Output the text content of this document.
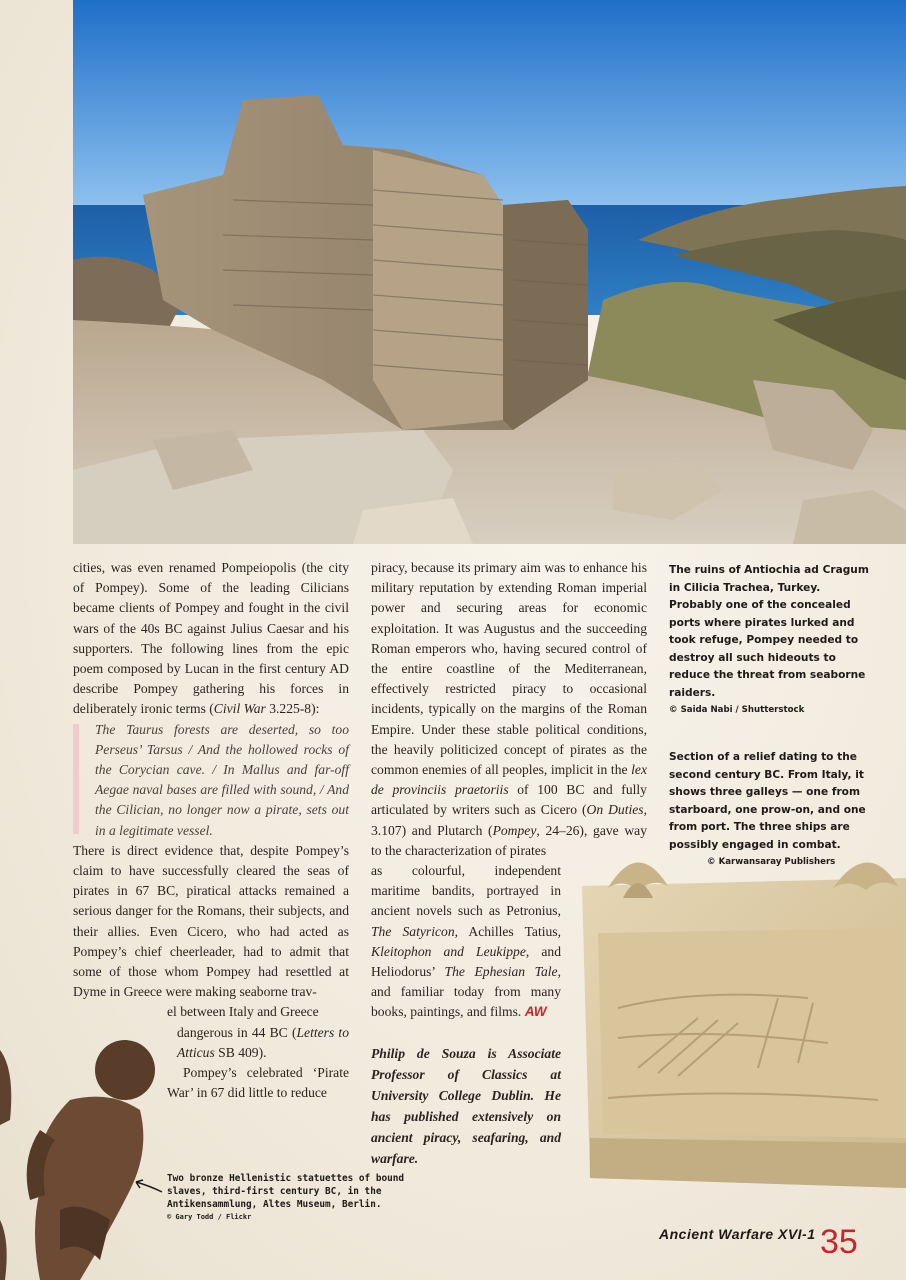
cities, was even renamed Pompeiopolis (the city of Pompey). Some of the leading Cilicians became clients of Pompey and fought in the civil wars of the 40s BC against Julius Caesar and his supporters. The following lines from the epic poem composed by Lucan in the first century AD describe Pompey gathering his forces in deliberately ironic terms (Civil War 3.225-8):

The Taurus forests are deserted, so too Perseus’ Tarsus / And the hollowed rocks of the Corycian cave. / In Mallus and far-off Aegae naval bases are filled with sound, / And the Cilician, no longer now a pirate, sets out in a legitimate vessel.

There is direct evidence that, despite Pompey’s claim to have successfully cleared the seas of pirates in 67 BC, piratical attacks remained a serious danger for the Romans, their subjects, and their allies. Even Cicero, who had acted as Pompey’s chief cheerleader, had to admit that some of those whom Pompey had resettled at Dyme in Greece were making seaborne trav-

el between Italy and Greece

dangerous in 44 BC (Letters to Atticus SB 409).

Pompey’s celebrated ‘Pirate War’ in 67 did little to reduce

piracy, because its primary aim was to enhance his military reputation by extending Roman imperial power and securing areas for economic exploitation. It was Augustus and the succeeding Roman emperors who, having secured control of the entire coastline of the Mediterranean, effectively restricted piracy to occasional incidents, typically on the margins of the Roman Empire. Under these stable political conditions, the heavily politicized concept of pirates as the common enemies of all peoples, implicit in the lex de provinciis praetoriis of 100 BC and fully articulated by writers such as Cicero (On Duties, 3.107) and Plutarch (Pompey, 24–26), gave way to the characterization of pirates

as colourful, independent maritime bandits, portrayed in ancient novels such as Petronius, The Satyricon, Achilles Tatius, Kleitophon and Leukippe, and Heliodorus’ The Ephesian Tale, and familiar today from many books, paintings, and films. AW

Philip de Souza is Associate Professor of Classics at University College Dublin. He has published extensively on ancient piracy, seafaring, and warfare.

The ruins of Antiochia ad Cragum in Cilicia Trachea, Turkey. Probably one of the concealed ports where pirates lurked and took refuge, Pompey needed to destroy all such hideouts to reduce the threat from seaborne raiders.
© Saida Nabi / Shutterstock
Section of a relief dating to the second century BC. From Italy, it shows three galleys — one from starboard, one prow-on, and one from port. The three ships are possibly engaged in combat.
© Karwansaray Publishers
Two bronze Hellenistic statuettes of bound slaves, third-first century BC, in the Antikensammlung, Altes Museum, Berlin.
© Gary Todd / Flickr
Ancient Warfare XVI-1 35
